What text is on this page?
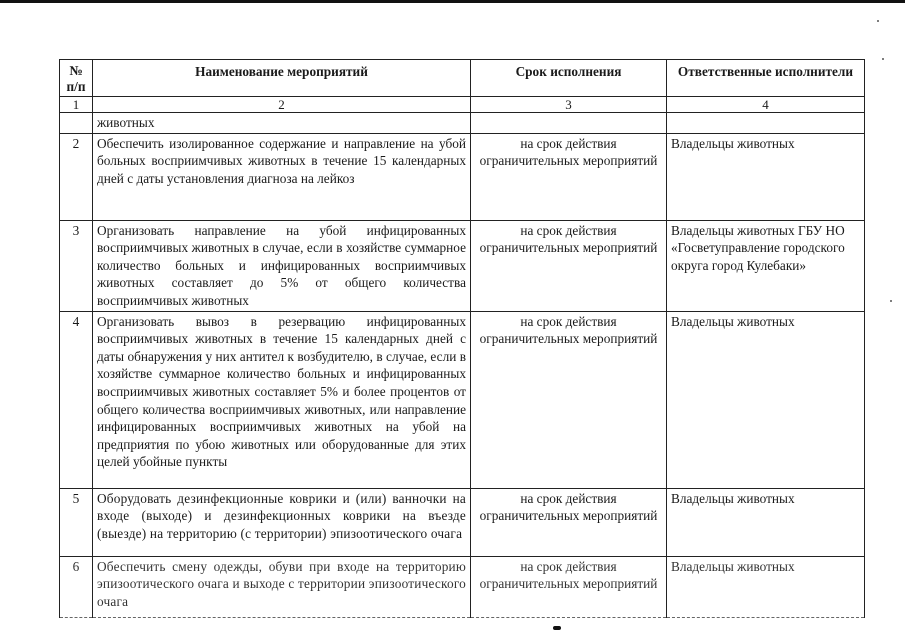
№ п/п	Наименование мероприятий	Срок исполнения	Ответственные исполнители
1	2	3	4
	животных		
2	Обеспечить изолированное содержание и направление на убой больных восприимчивых животных в течение 15 календарных дней с даты установления диагноза на лейкоз	на срок действия ограничительных мероприятий	Владельцы животных
3	Организовать направление на убой инфицированных восприимчивых животных в случае, если в хозяйстве суммарное количество больных и инфицированных восприимчивых животных составляет до 5% от общего количества восприимчивых животных	на срок действия ограничительных мероприятий	Владельцы животных ГБУ НО «Госветуправление городского округа город Кулебаки»
4	Организовать вывоз в резервацию инфицированных восприимчивых животных в течение 15 календарных дней с даты обнаружения у них антител к возбудителю, в случае, если в хозяйстве суммарное количество больных и инфицированных восприимчивых животных составляет 5% и более процентов от общего количества восприимчивых животных, или направление инфицированных восприимчивых животных на убой на предприятия по убою животных или оборудованные для этих целей убойные пункты	на срок действия ограничительных мероприятий	Владельцы животных
5	Оборудовать дезинфекционные коврики и (или) ванночки на входе (выходе) и дезинфекционных коврики на въезде (выезде) на территорию (с территории) эпизоотического очага	на срок действия ограничительных мероприятий	Владельцы животных
6	Обеспечить смену одежды, обуви при входе на территорию эпизоотического очага и выходе с территории эпизоотического очага	на срок действия ограничительных мероприятий	Владельцы животных
